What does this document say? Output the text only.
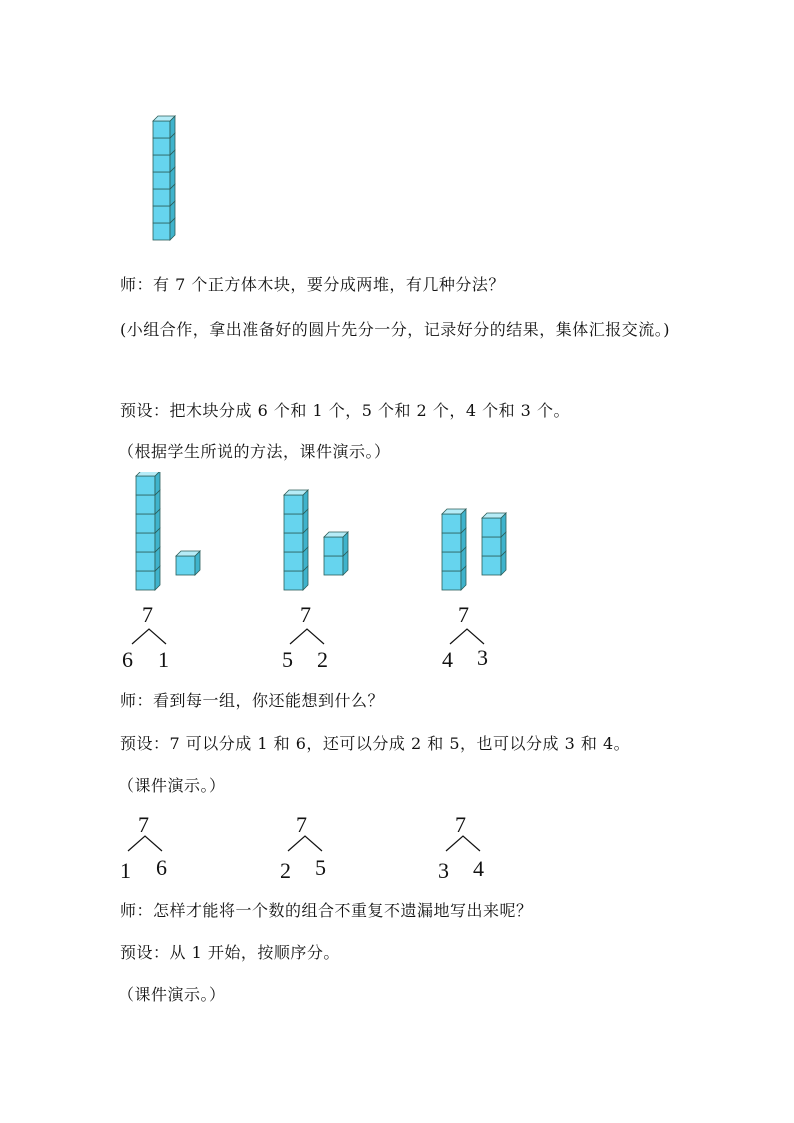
师：有 7 个正方体木块，要分成两堆，有几种分法？
(小组合作，拿出准备好的圆片先分一分，记录好分的结果，集体汇报交流。)
预设：把木块分成 6 个和 1 个，5 个和 2 个，4 个和 3 个。
（根据学生所说的方法，课件演示。）
7
6 1
7
5 2
7
4 3
师：看到每一组，你还能想到什么？
预设：7 可以分成 1 和 6，还可以分成 2 和 5，也可以分成 3 和 4。
（课件演示。）
7
1 6
7
2 5
7
3 4
师：怎样才能将一个数的组合不重复不遗漏地写出来呢？
预设：从 1 开始，按顺序分。
（课件演示。）
